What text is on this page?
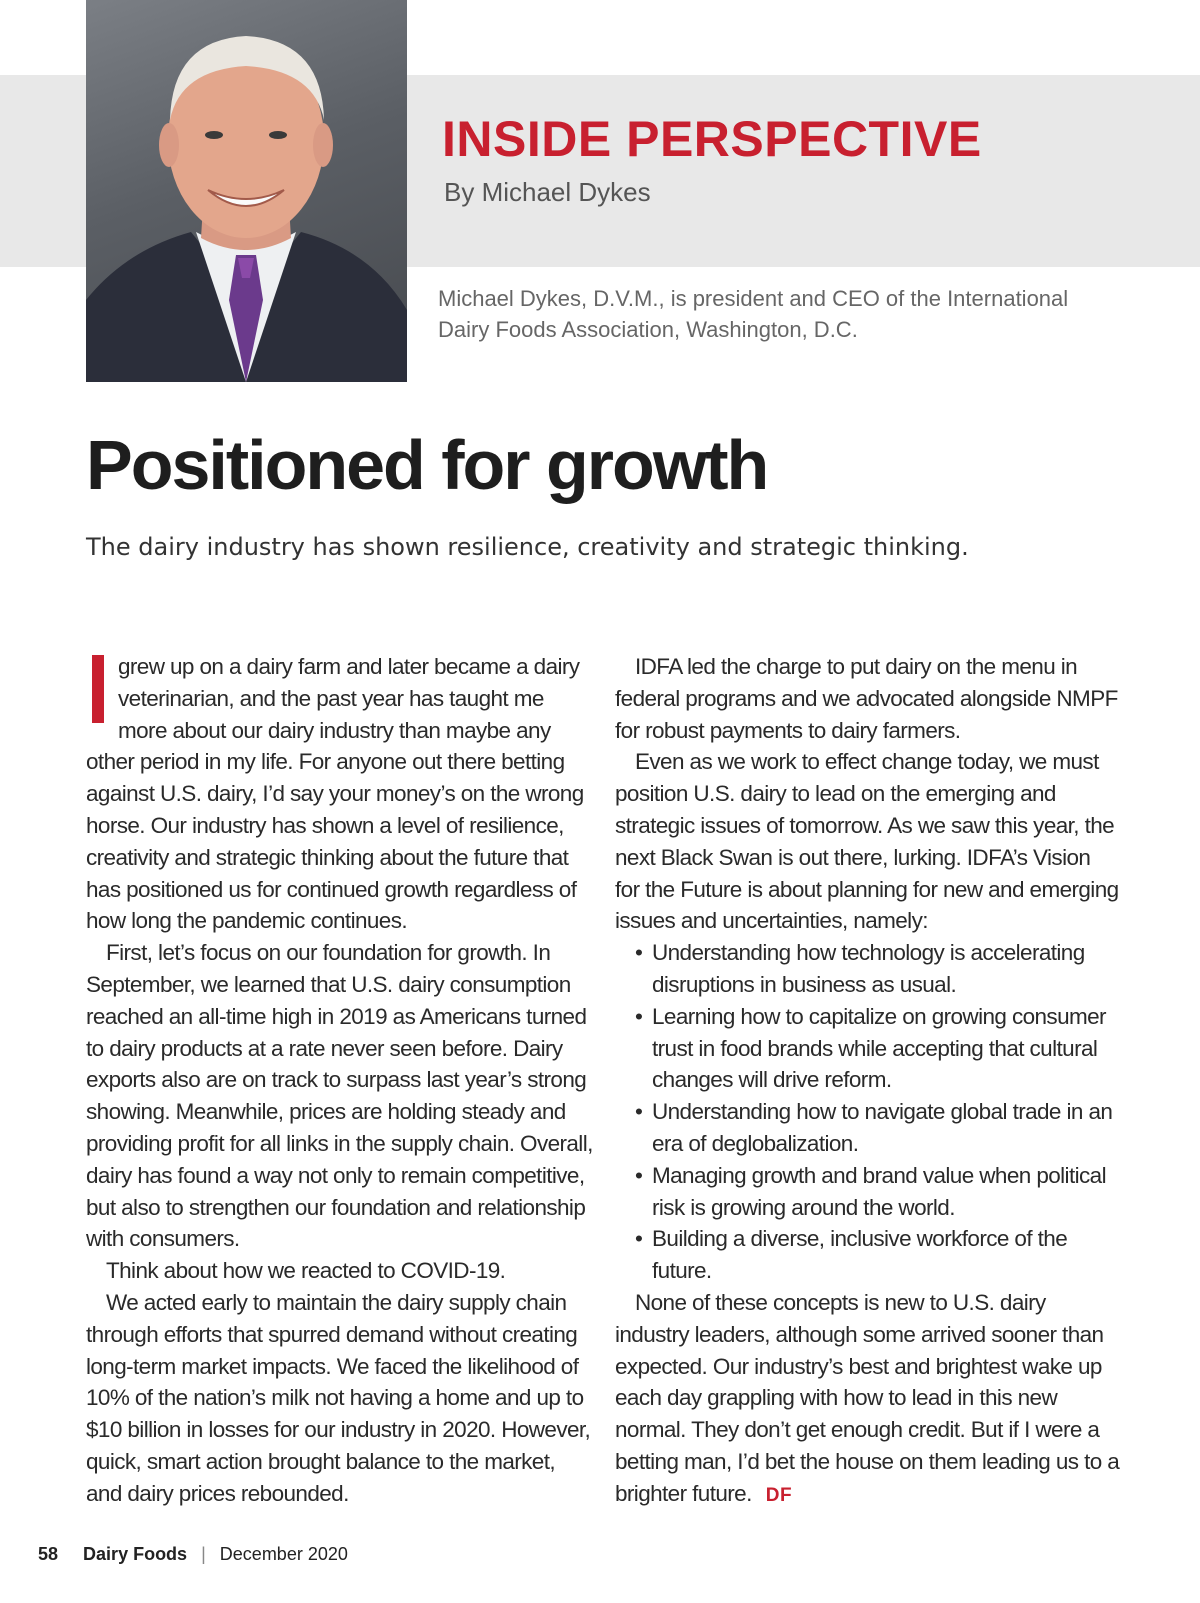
INSIDE PERSPECTIVE
By Michael Dykes
Michael Dykes, D.V.M., is president and CEO of the International Dairy Foods Association, Washington, D.C.
Positioned for growth

The dairy industry has shown resilience, creativity and strategic thinking.

grew up on a dairy farm and later became a dairy veterinarian, and the past year has taught me more about our dairy industry than maybe any other period in my life. For anyone out there betting against U.S. dairy, I’d say your money’s on the wrong horse. Our industry has shown a level of resilience, creativity and strategic thinking about the future that has positioned us for continued growth regardless of how long the pandemic continues.

First, let’s focus on our foundation for growth. In September, we learned that U.S. dairy consumption reached an all-time high in 2019 as Americans turned to dairy products at a rate never seen before. Dairy exports also are on track to surpass last year’s strong showing. Meanwhile, prices are holding steady and providing profit for all links in the supply chain. Overall, dairy has found a way not only to remain competitive, but also to strengthen our foundation and relationship with consumers.

Think about how we reacted to COVID-19.

We acted early to maintain the dairy supply chain through efforts that spurred demand without creating long-term market impacts. We faced the likelihood of 10% of the nation’s milk not having a home and up to $10 billion in losses for our industry in 2020. However, quick, smart action brought balance to the market, and dairy prices rebounded.

IDFA led the charge to put dairy on the menu in federal programs and we advocated alongside NMPF for robust payments to dairy farmers.

Even as we work to effect change today, we must position U.S. dairy to lead on the emerging and strategic issues of tomorrow. As we saw this year, the next Black Swan is out there, lurking. IDFA’s Vision for the Future is about planning for new and emerging issues and uncertainties, namely:

• Understanding how technology is accelerating disruptions in business as usual.
• Learning how to capitalize on growing consumer trust in food brands while accepting that cultural changes will drive reform.
• Understanding how to navigate global trade in an era of deglobalization.
• Managing growth and brand value when political risk is growing around the world.
• Building a diverse, inclusive workforce of the future.

None of these concepts is new to U.S. dairy industry leaders, although some arrived sooner than expected. Our industry’s best and brightest wake up each day grappling with how to lead in this new normal. They don’t get enough credit. But if I were a betting man, I’d bet the house on them leading us to a brighter future. DF

58 Dairy Foods | December 2020
